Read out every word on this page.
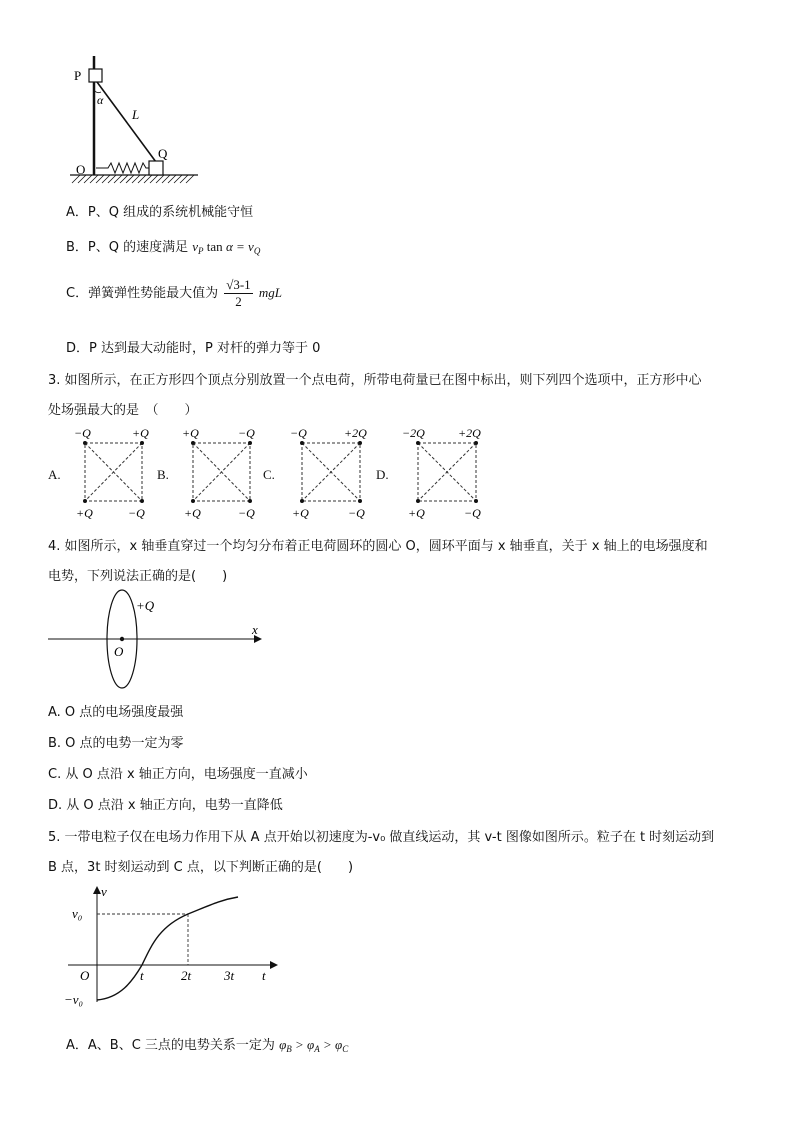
P
O
Q
L
α
A．P、Q 组成的系统机械能守恒
B．P、Q 的速度满足 $v_P$ $\tan \alpha = v_Q$
C．弹簧弹性势能最大值为 $\frac{√3-1}{2}$ mgL
D．P 达到最大动能时，P 对杆的弹力等于 0
3. 如图所示，在正方形四个顶点分别放置一个点电荷，所带电荷量已在图中标出，则下列四个选项中，正方形中心
处场强最大的是　（　　）
A.
−Q	+Q
+Q	−Q
B.
+Q	−Q
+Q	−Q
C.
−Q	+2Q
+Q	−Q
D.
−2Q	+2Q
+Q	−Q
4. 如图所示，x 轴垂直穿过一个均匀分布着正电荷圆环的圆心 O，圆环平面与 x 轴垂直，关于 x 轴上的电场强度和
电势，下列说法正确的是(　　)
+Q
x
O
A. O 点的电场强度最强
B. O 点的电势一定为零
C. 从 O 点沿 x 轴正方向，电场强度一直减小
D. 从 O 点沿 x 轴正方向，电势一直降低
5. 一带电粒子仅在电场力作用下从 A 点开始以初速度为-v₀ 做直线运动，其 v-t 图像如图所示。粒子在 t 时刻运动到
B 点，3t 时刻运动到 C 点，以下判断正确的是(　　)
v
t
O
v₀
−v₀
t	2t	3t
A．A、B、C 三点的电势关系一定为 $\varphi_B > \varphi_A > \varphi_C$
